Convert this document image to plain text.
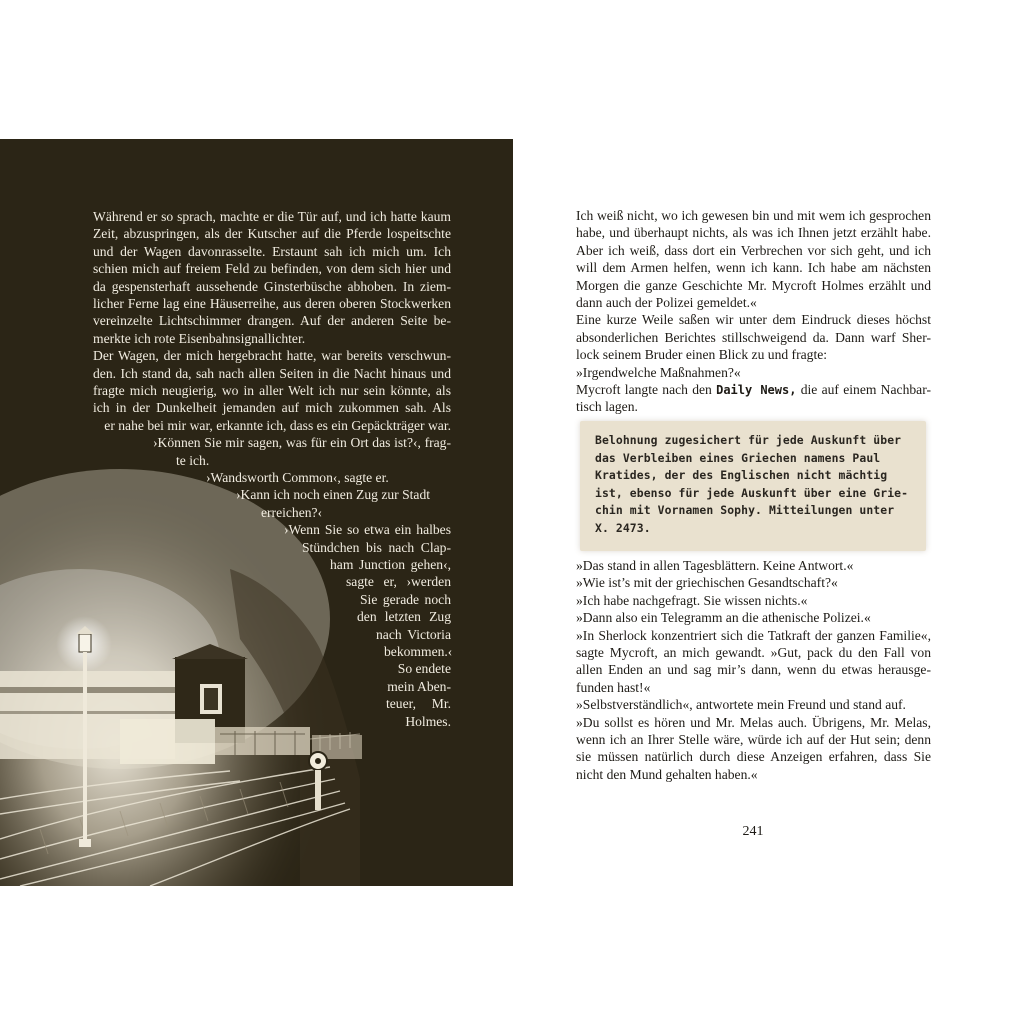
Während er so sprach, machte er die Tür auf, und ich hatte kaum
Zeit, abzuspringen, als der Kutscher auf die Pferde lospeitschte
und der Wagen davonrasselte. Erstaunt sah ich mich um. Ich
schien mich auf freiem Feld zu befinden, von dem sich hier und
da gespensterhaft aussehende Ginsterbüsche abhoben. In ziem-
licher Ferne lag eine Häuserreihe, aus deren oberen Stockwerken
vereinzelte Lichtschimmer drangen. Auf der anderen Seite be-
merkte ich rote Eisenbahnsignallichter.
Der Wagen, der mich hergebracht hatte, war bereits verschwun-
den. Ich stand da, sah nach allen Seiten in die Nacht hinaus und
fragte mich neugierig, wo in aller Welt ich nur sein könnte, als
ich in der Dunkelheit jemanden auf mich zukommen sah. Als
er nahe bei mir war, erkannte ich, dass es ein Gepäckträger war.
›Können Sie mir sagen, was für ein Ort das ist?‹, frag-
te ich.
›Wandsworth Common‹, sagte er.
›Kann ich noch einen Zug zur Stadt
erreichen?‹
›Wenn Sie so etwa ein halbes
Stündchen bis nach Clap-
ham Junction gehen‹,
sagte er, ›werden
Sie gerade noch
den letzten Zug
nach Victoria
bekommen.‹
So endete
mein Aben-
teuer, Mr.
Holmes.
Ich weiß nicht, wo ich gewesen bin und mit wem ich gesprochen
habe, und überhaupt nichts, als was ich Ihnen jetzt erzählt habe.
Aber ich weiß, dass dort ein Verbrechen vor sich geht, und ich
will dem Armen helfen, wenn ich kann. Ich habe am nächsten
Morgen die ganze Geschichte Mr. Mycroft Holmes erzählt und
dann auch der Polizei gemeldet.«
Eine kurze Weile saßen wir unter dem Eindruck dieses höchst
absonderlichen Berichtes stillschweigend da. Dann warf Sher-
lock seinem Bruder einen Blick zu und fragte:
»Irgendwelche Maßnahmen?«
Mycroft langte nach den Daily News, die auf einem Nachbar-
tisch lagen.
Belohnung zugesichert für jede Auskunft über
das Verbleiben eines Griechen namens Paul
Kratides, der des Englischen nicht mächtig
ist, ebenso für jede Auskunft über eine Grie-
chin mit Vornamen Sophy. Mitteilungen unter
X. 2473.
»Das stand in allen Tagesblättern. Keine Antwort.«
»Wie ist’s mit der griechischen Gesandtschaft?«
»Ich habe nachgefragt. Sie wissen nichts.«
»Dann also ein Telegramm an die athenische Polizei.«
»In Sherlock konzentriert sich die Tatkraft der ganzen Familie«,
sagte Mycroft, an mich gewandt. »Gut, pack du den Fall von
allen Enden an und sag mir’s dann, wenn du etwas herausge-
funden hast!«
»Selbstverständlich«, antwortete mein Freund und stand auf.
»Du sollst es hören und Mr. Melas auch. Übrigens, Mr. Melas,
wenn ich an Ihrer Stelle wäre, würde ich auf der Hut sein; denn
sie müssen natürlich durch diese Anzeigen erfahren, dass Sie
nicht den Mund gehalten haben.«
241
